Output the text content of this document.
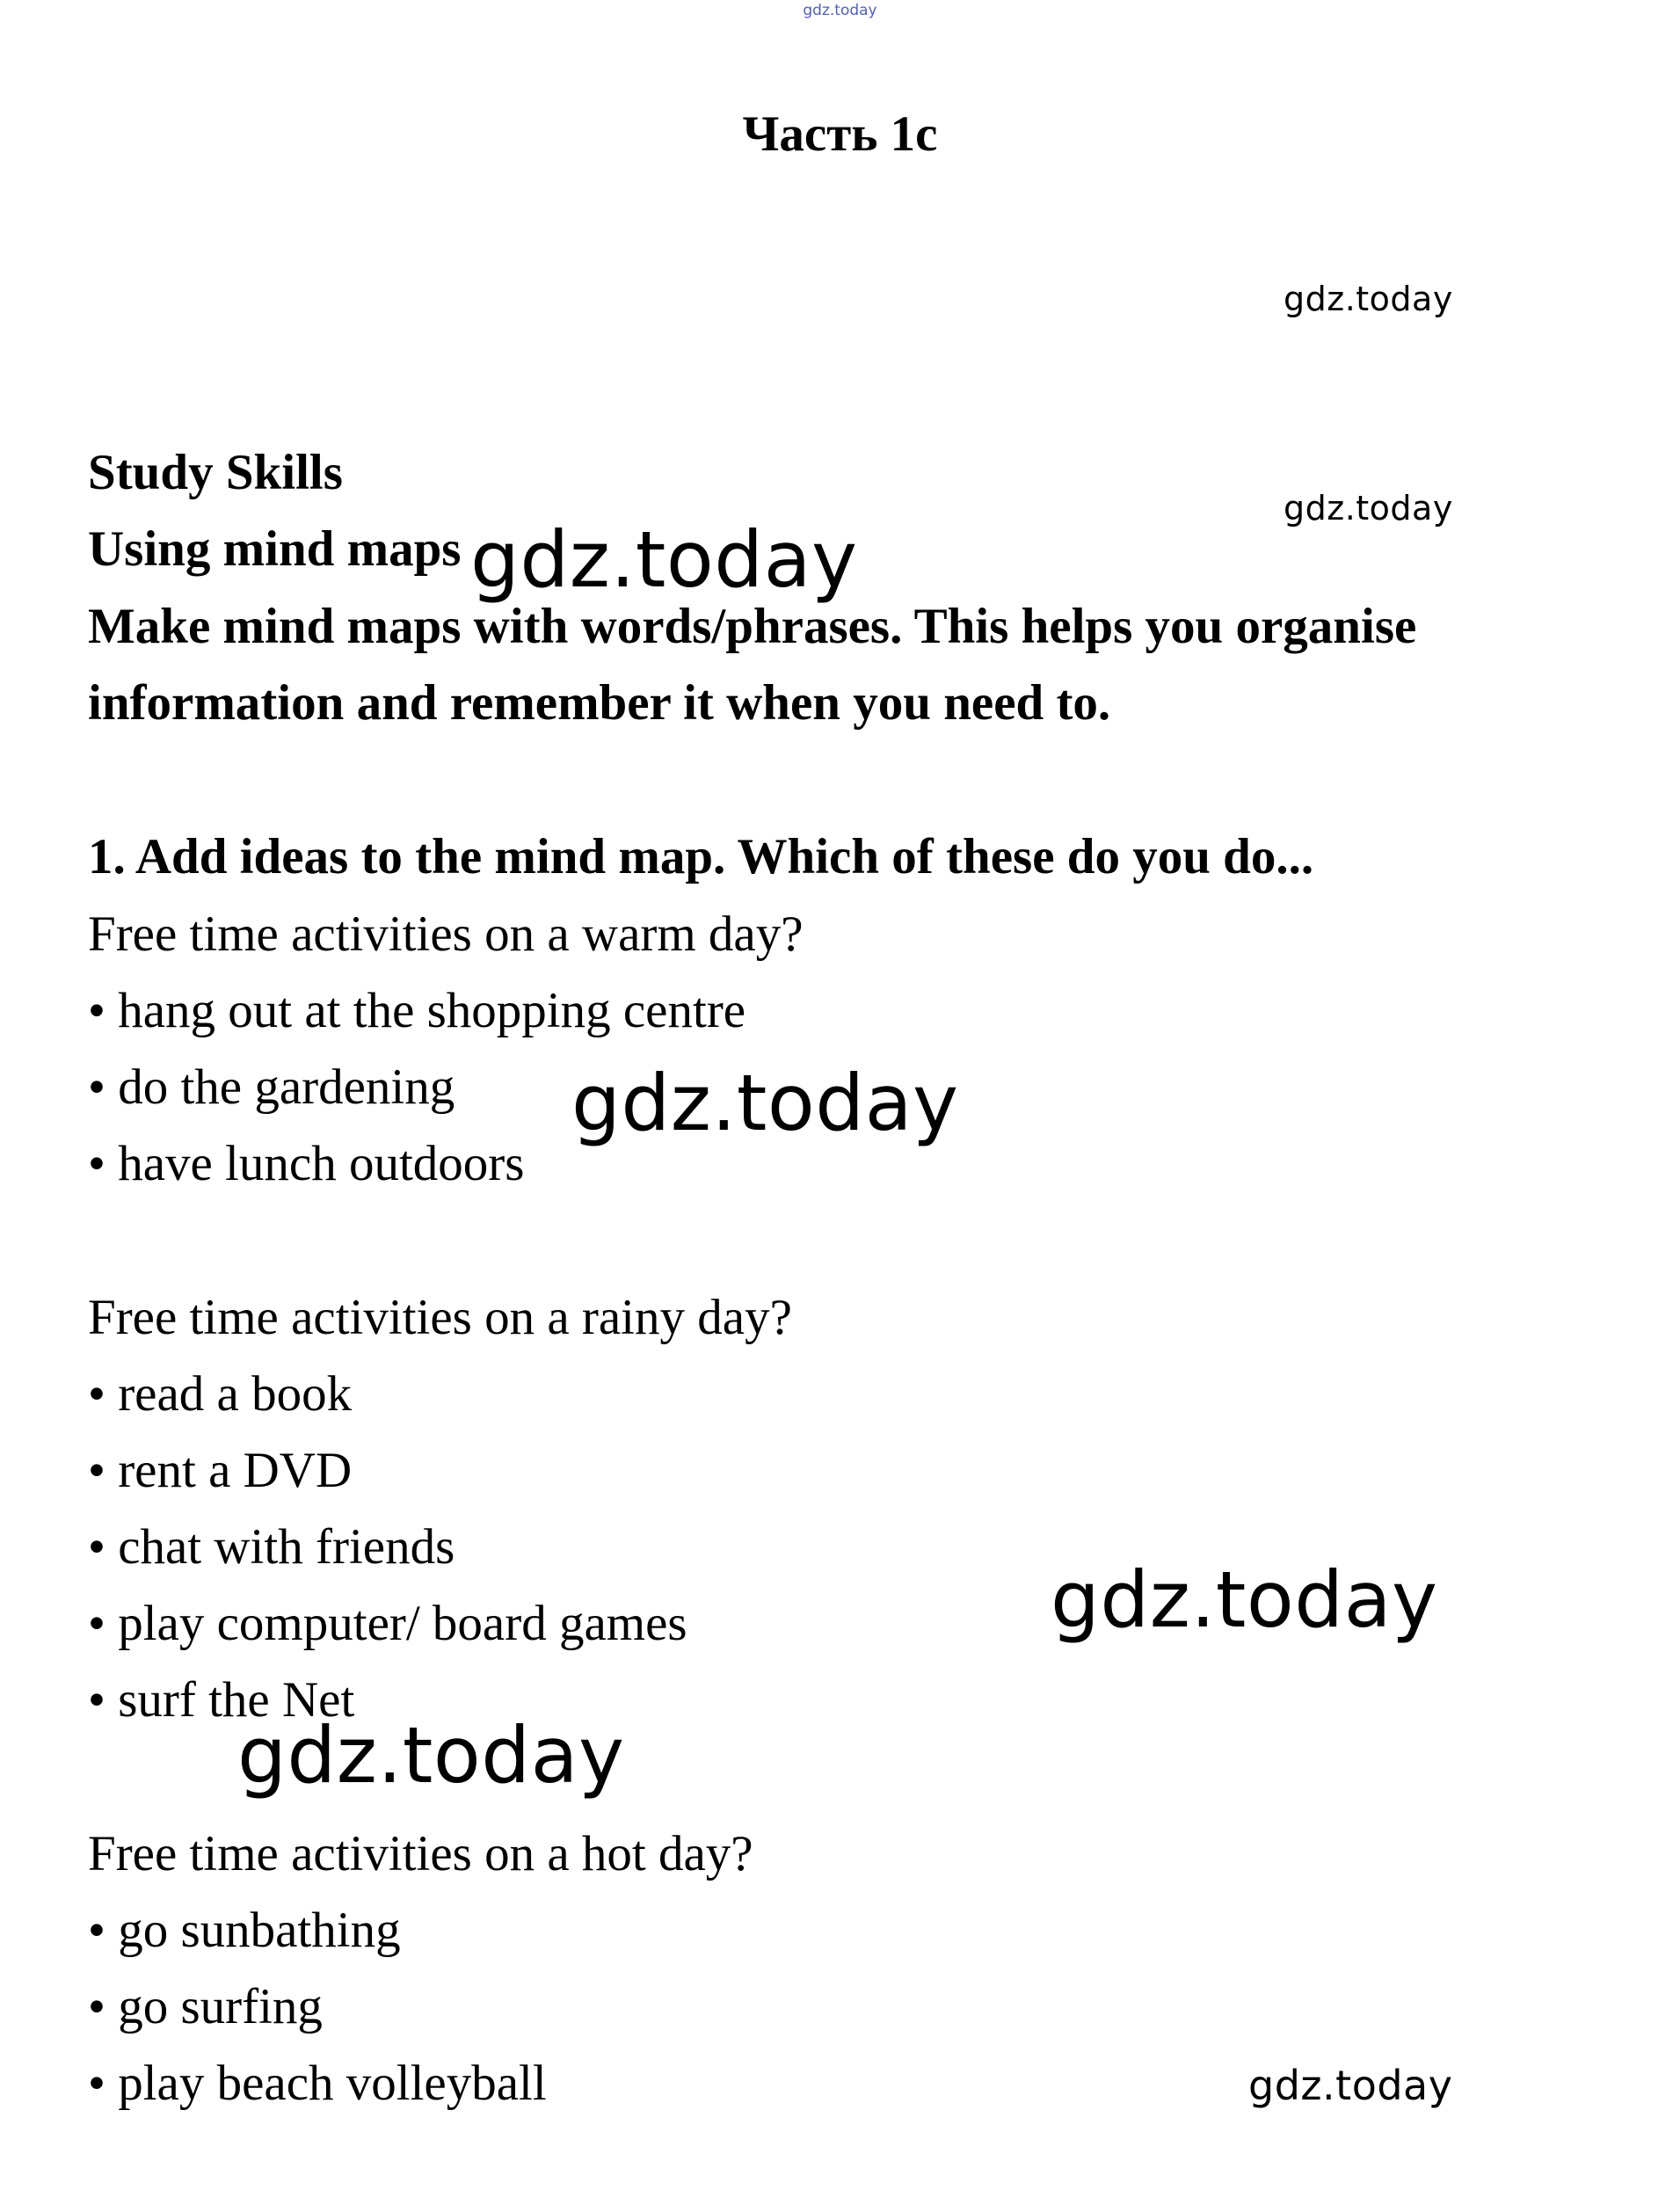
gdz.today
Часть 1с
gdz.today
gdz.today
Study Skills
Using mind maps gdz.today
Make mind maps with words/phrases. This helps you organise
information and remember it when you need to.
1. Add ideas to the mind map. Which of these do you do...
Free time activities on a warm day?
• hang out at the shopping centre
• do the gardening gdz.today
• have lunch outdoors
Free time activities on a rainy day?
• read a book
• rent a DVD
• chat with friends
• play computer/ board games	gdz.today
• surf the Net
gdz.today
Free time activities on a hot day?
• go sunbathing
• go surfing
• play beach volleyball	gdz.today
